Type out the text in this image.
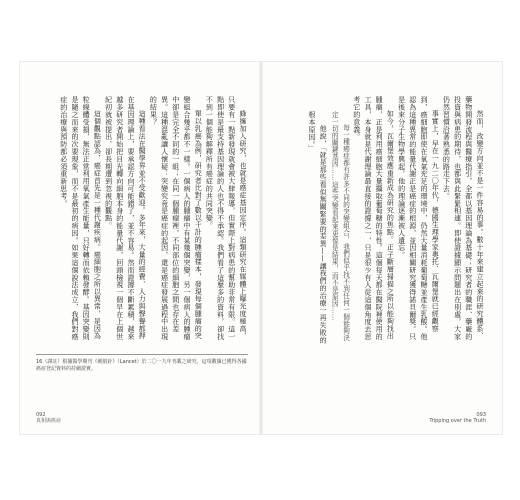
蜂擁加入研究，也就是癌症基因定序。這類研究在媒體上曝光度極高，只要有一點新發現就會被大肆報導，但實際上對病患的幫助非常有限。這一點即使是最支持基因理論的人也不得不承認。我們看了這麼多的資料，卻找不到一個能夠解釋所有癌症的共同突變。

單以乳癌為例，研究者比對了數以千計的腫瘤樣本，發現每個腫瘤的突變組合幾乎都不一樣。一個病人的腫瘤中有某幾個突變，另一個病人的腫瘤中卻是完全不同的一組；在同一個腫瘤裡，不同部位的細胞之間也存在差異。這種混亂讓人懷疑：突變究竟是癌症的起因，還是癌症發展過程中出現的結果？

這種看法在醫學界並不受歡迎。多年來，大量的經費、人力與聲譽都押在基因理論上，要承認方向可能錯了，並不容易。然而證據不斷累積，越來越多研究者開始把目光轉向細胞本身的能量代謝，回頭檢視一個早在上個世紀初就被提出、卻長期遭到忽視的觀點。

這個觀點認為，癌症首先是一種代謝疾病。癌細胞之所以異常，是因為粒線體受損，無法正常利用氧氣產生能量，只好轉而依賴發酵。基因突變則是隨之而來的次要現象，而不是最初的病因。如果這個說法成立，我們對癌症的治療與預防都必須重新思考，

16（譯註）根據醫學期刊《刺胳針》（Lancet）於二〇一九年刊載之研究，這項數據已獲得各國癌症登記資料的持續證實。
092
真相與癌症

然而，改變方向並不是一件容易的事。數十年來建立起來的研究體系、藥物開發流程與醫療指引，全都以基因理論為基礎；研究者的職涯、藥廠的投資與病患的期待，也都與此緊緊相連。即使證據顯示問題出在別處，大家仍然習慣沿著熟悉的路走下去。

事實上，早在一九二〇年代，德國生理學家奧托．瓦爾堡就已經觀察到，癌細胞即使在氧氣充足的環境中，仍然大量消耗葡萄糖並產生乳酸。他認為這種異常的能量代謝正是癌症的根源，並因相關研究獲得諾貝爾獎。只是後來分子生物學興起，他的理論逐漸被人遺忘。

如今，瓦爾堡效應重新成為研究的焦點。正子斷層掃描之所以能夠找出腫瘤，正是利用癌細胞大量攝取葡萄糖的特性。這個每天都在醫院裡使用的工具，本身就是代謝理論最直接的證據之一，只是很少有人從這個角度去思考它的意義。

每一種癌症都有許多不同的突變組合，我們似乎找不到任何一個能夠決定一切的關鍵基因……這些突變看起來更像是結果，而不是原因……

他說，「就是那些看似無關緊要的差異——讓我們的治療一再失敗的根本原因。」

093
Tripping over the Truth
